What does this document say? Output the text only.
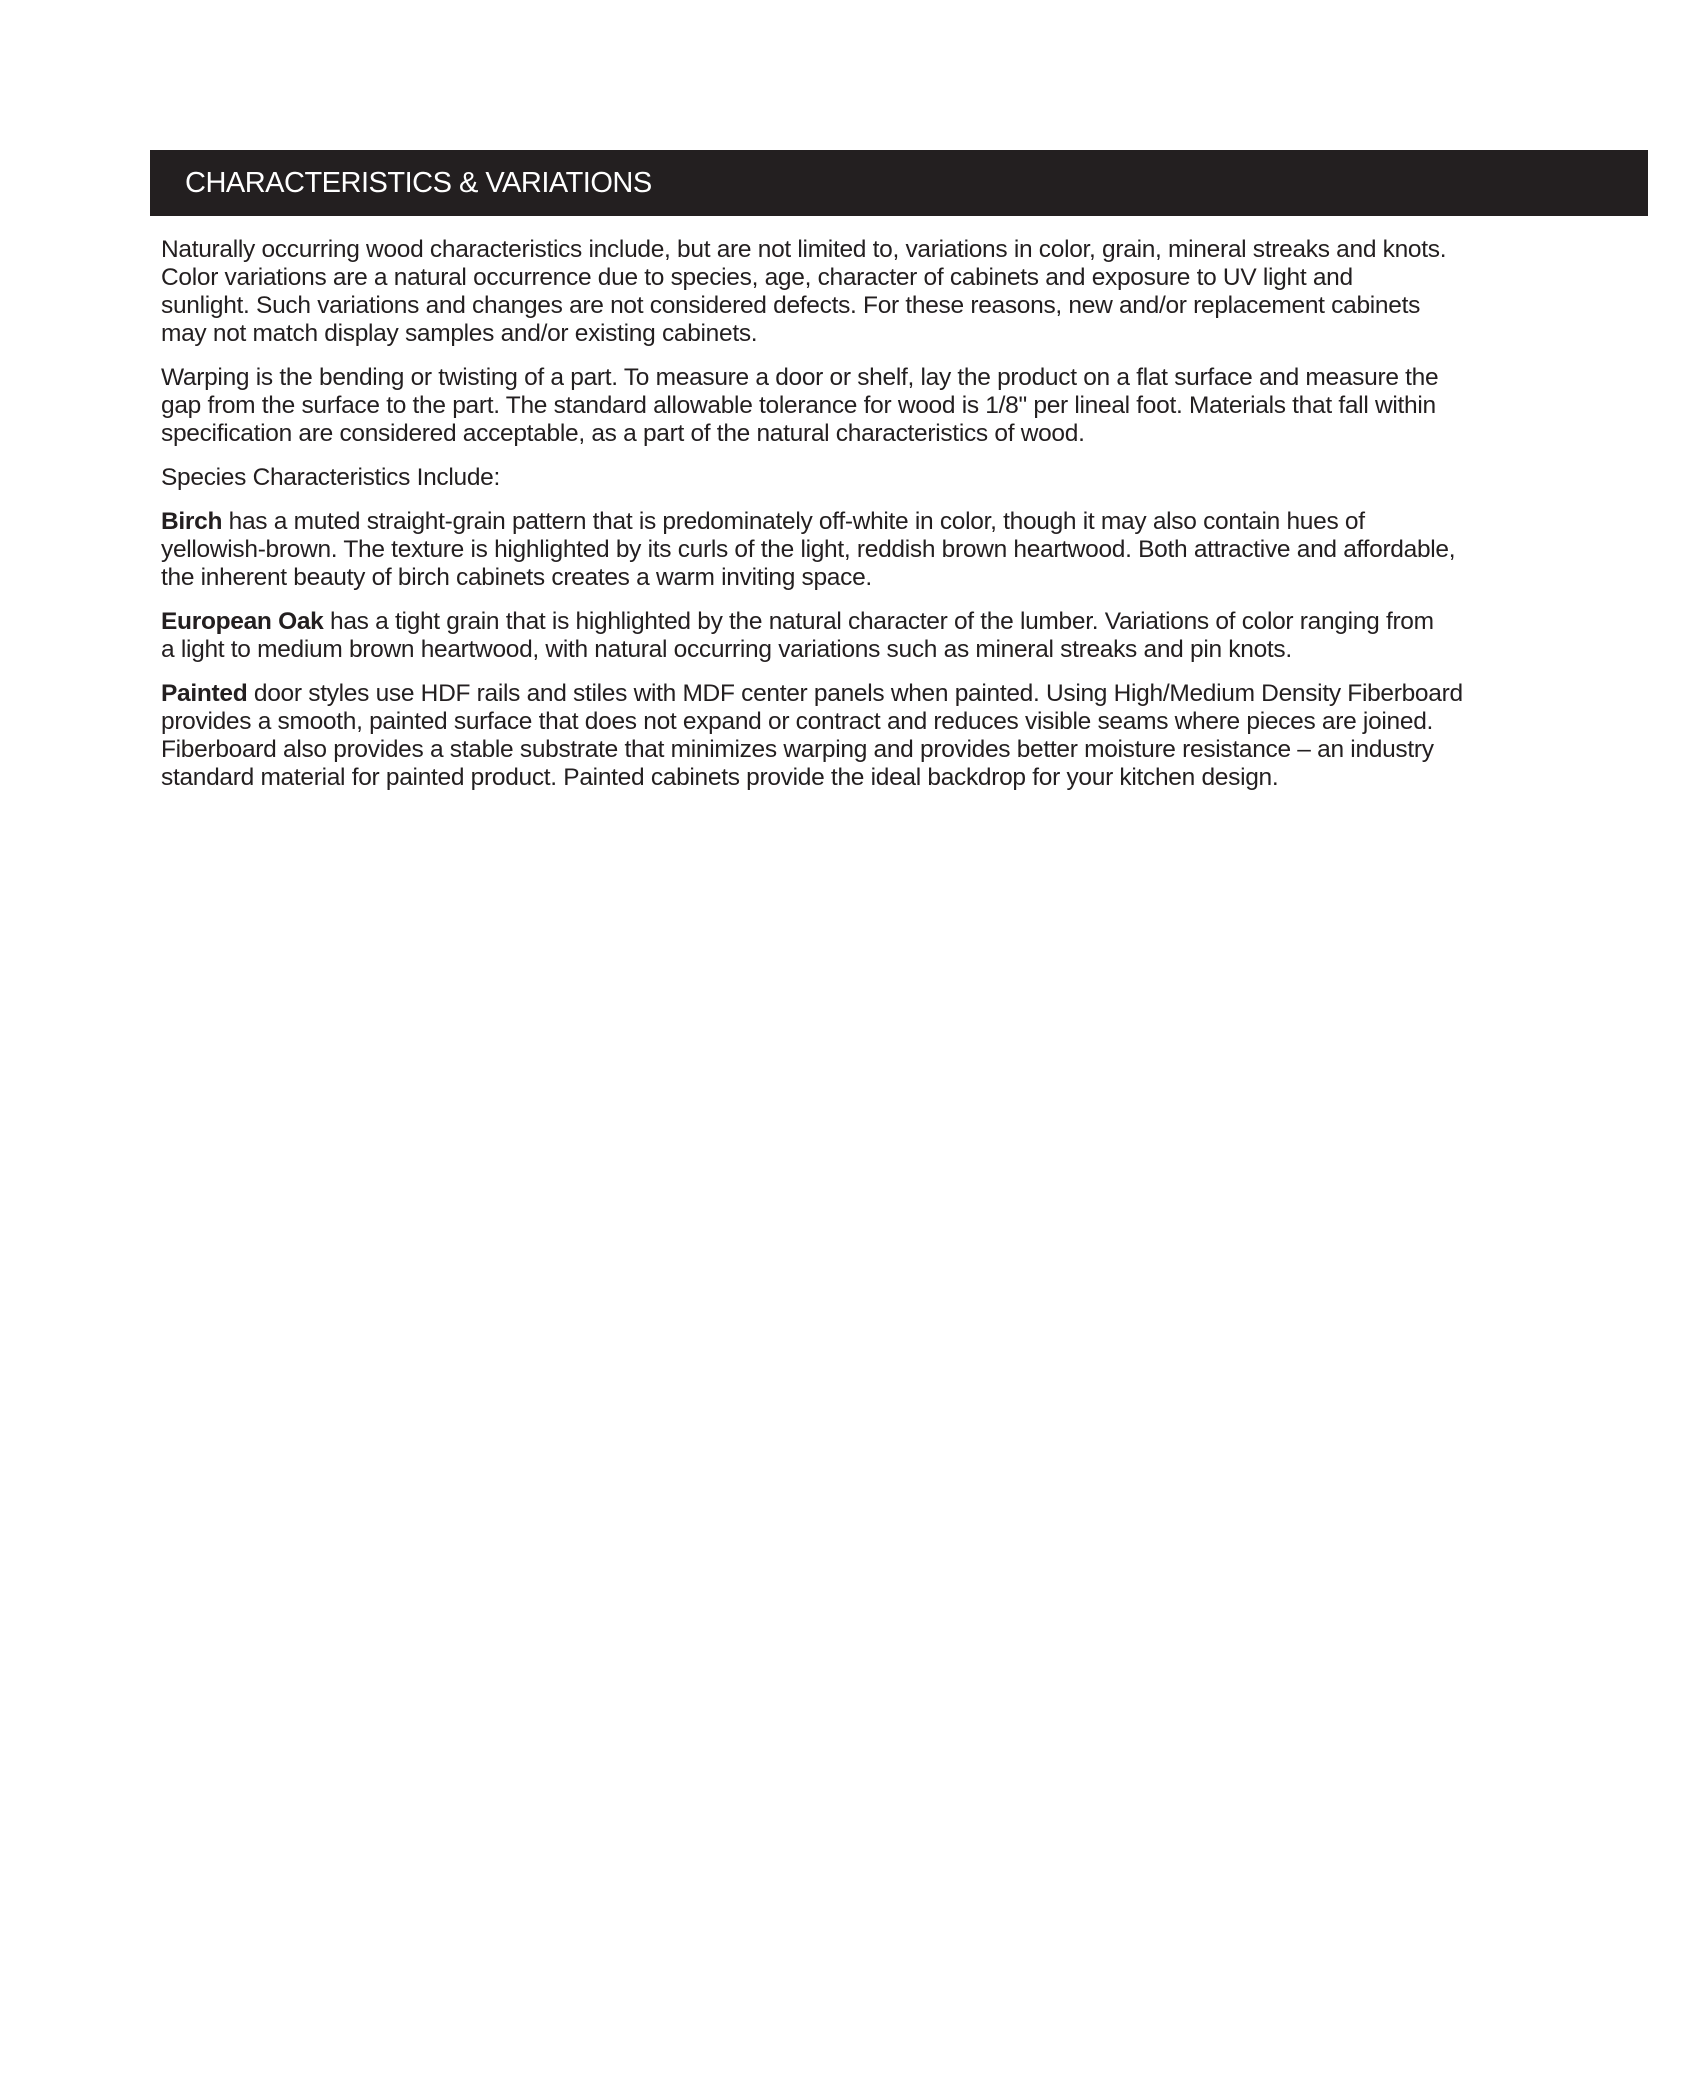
CHARACTERISTICS & VARIATIONS

Naturally occurring wood characteristics include, but are not limited to, variations in color, grain, mineral streaks and knots.
Color variations are a natural occurrence due to species, age, character of cabinets and exposure to UV light and
sunlight. Such variations and changes are not considered defects. For these reasons, new and/or replacement cabinets
may not match display samples and/or existing cabinets.

Warping is the bending or twisting of a part. To measure a door or shelf, lay the product on a flat surface and measure the
gap from the surface to the part. The standard allowable tolerance for wood is 1/8" per lineal foot. Materials that fall within
specification are considered acceptable, as a part of the natural characteristics of wood.

Species Characteristics Include:

Birch has a muted straight-grain pattern that is predominately off-white in color, though it may also contain hues of
yellowish-brown. The texture is highlighted by its curls of the light, reddish brown heartwood. Both attractive and affordable,
the inherent beauty of birch cabinets creates a warm inviting space.

European Oak has a tight grain that is highlighted by the natural character of the lumber. Variations of color ranging from
a light to medium brown heartwood, with natural occurring variations such as mineral streaks and pin knots.

Painted door styles use HDF rails and stiles with MDF center panels when painted. Using High/Medium Density Fiberboard
provides a smooth, painted surface that does not expand or contract and reduces visible seams where pieces are joined.
Fiberboard also provides a stable substrate that minimizes warping and provides better moisture resistance – an industry
standard material for painted product. Painted cabinets provide the ideal backdrop for your kitchen design.
